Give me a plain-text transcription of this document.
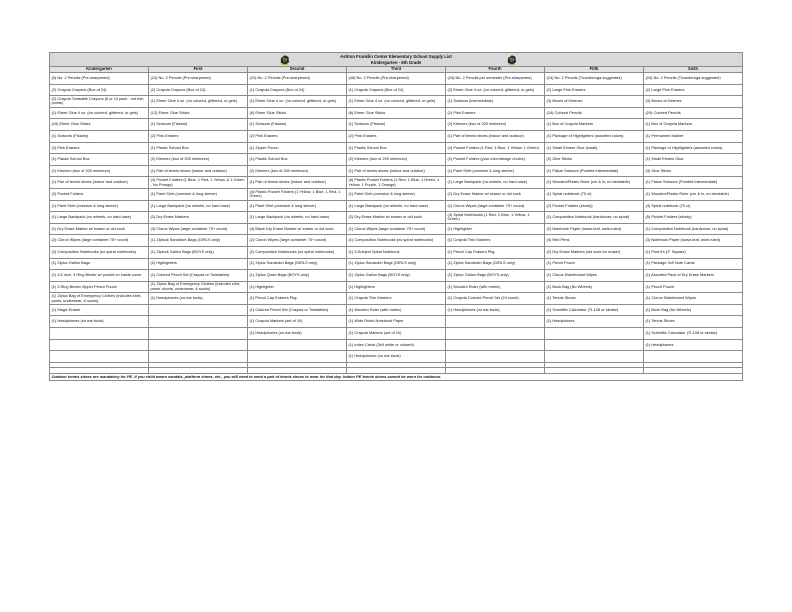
Ashton Franklin Center Elementary School Supply List
Kindergarten - 6th Grade						

Kindergarten	First	Second	Third	Fourth	Fifth	Sixth
(6) No. 2 Pencils (Pre-sharpened)	(24) No. 2 Pencils (Pre-sharpened)	(24) No. 2 Pencils (Pre-sharpened)	(48) No. 2 Pencils (Pre-sharpened)	(24) No. 2 Pencils per semester (Pre-sharpened)	(24) No. 2 Pencils (Ticonderoga suggested)	(24) No. 2 Pencils (Ticonderoga suggested)
(2) Crayola Crayons (Box of 24)	(2) Crayola Crayons (Box of 24)	(1) Crayola Crayons (Box of 24)	(1) Crayola Crayons (Box of 24)	(2) Elmer Glue 4 oz. (no colored, glittered, or gels)	(2) Large Pink Erasers	(2) Large Pink Erasers
(2) Crayola Twistable Crayons (8 or 10 pack - not thin points)	(1) Elmer Glue 4 oz. (no colored, glittered, or gels)	(1) Elmer Glue 4 oz. (no colored, glittered, or gels)	(1) Elmer Glue 4 oz. (no colored, glittered, or gels)	(1) Scissors (intermediate)	(3) Boxes of Kleenex	(3) Boxes of Kleenex
(1) Elmer Glue 4 oz. (no colored, glittered, or gels)	(12) Elmer Glue Sticks	(6) Elmer Glue Sticks	(6) Elmer Glue Sticks	(2) Pink Erasers	(24) Colored Pencils	(24) Colored Pencils
(16) Elmer Glue Sticks	(1) Scissors (Fiskars)	(1) Scissors (Fiskars)	(1) Scissors (Fiskars)	(2) Kleenex (box of 200 minimum)	(1) Box of Crayola Markers	(1) Box of Crayola Markers
(1) Scissors (Fiskars)	(2) Pink Erasers	(2) Pink Erasers	(2) Pink Erasers	(1) Pair of tennis shoes (indoor and outdoor)	(1) Package of Highlighters (assorted colors)	(1) Permanent Marker
(2) Pink Erasers	(1) Plastic School Box	(1) Zipper Pouch	(1) Plastic School Box	(4) Pocket Folders (1 Red, 1 Blue, 1 Yellow, 1 Green)	(1) Small Elmers Glue (small)	(1) Package of Highlighters (assorted colors)
(1) Plastic School Box	(2) Kleenex (box of 200 minimum)	(1) Plastic School Box	(2) Kleenex (box of 200 minimum)	(2) Pocket Folders (your color/design choice)	(2) Glue Sticks	(1) Small Elmers Glue
(1) Kleenex (box of 200 minimum)	(1) Pair of tennis shoes (indoor and outdoor)	(2) Kleenex (box of 200 minimum)	(1) Pair of tennis shoes (indoor and outdoor)	(1) Paint Shirt (oversize & long sleeve)	(1) Fiskar Scissors (Pointed Intermediate)	(3) Glue Sticks
(1) Pair of tennis shoes (indoor and outdoor)	(4) Pocket Folders (1 Blue, 1 Red, 1 Yellow, & 1 Green - No Prongs)	(1) Pair of tennis shoes (indoor and outdoor)	(6) Plastic Pocket Folders (1 Red, 1 Blue, 1 Green, 1 Yellow, 1 Purple, 1 Orange)	(1) Large Backpack (no wheels, no hard case)	(1) Wooden/Plastic Ruler (cm & in, no bendable)	(1) Fiskar Scissors (Pointed Intermediate)
(2) Pocket Folders	(1) Paint Shirt (oversize & long sleeve)	(4) Plastic Pocket Folders (1 Yellow, 1 Blue, 1 Red, 1 Green)	(1) Paint Shirt (oversize & long sleeve)	(2) Dry Erase Marker w/ eraser or old sock	(1) Spiral notebook (70 ct)	(1) Wooden/Plastic Ruler (cm & in, no bendable)
(1) Paint Shirt (oversize & long sleeve)	(1) Large Backpack (no wheels, no hard case)	(1) Paint Shirt (oversize & long sleeve)	(1) Large Backpack (no wheels, no hard case)	(1) Clorox Wipes (large container 75+ count)	(2) Pocket Folders (sturdy)	(4) Spiral notebook (70 ct)
(1) Large Backpack (no wheels, no hard case)	(2) Dry Erase Markers	(1) Large Backpack (no wheels, no hard case)	(2) Dry Erase Marker w/ eraser or old sock	(4) Spiral Notebooks (1 Red, 1 Blue, 1 Yellow, 1 Green)	(1) Composition Notebook (hardcover, no spiral)	(5) Pocket Folders (sturdy)
(1) Dry Erase Marker w/ eraser or old sock	(3) Clorox Wipes (large container 75+ count)	(4) Black Dry Erase Marker w/ eraser or old sock	(1) Clorox Wipes (large container 75+ count)	(1) Highlighter	(2) Notebook Paper (loose-leaf, wide-ruled)	(1) Composition Notebook (hardcover, no spiral)
(2) Clorox Wipes (large container 75+ count)	(1) Ziplock Sandwich Bags (GIRLS only)	(2) Clorox Wipes (large container 75+ count)	(1) Composition Notebooks (no spiral notebooks)	(1) Crayola Thin Markers	(4) Red Pens	(3) Notebook Paper (loose-leaf, wide-ruled)
(2) Composition Notebooks (no spiral notebooks)	(1) Ziplock Gallon Bags (BOYS only)	(2) Composition Notebooks (no spiral notebooks)	(1) 3-Subject Spiral Notebook	(1) Pencil Cap Erasers Pkg.	(2) Dry Erase Markers (old sock for eraser)	(1) Post it's (2" Square)
(1) Ziploc Gallon Bags	(2) Highlighters	(1) Ziploc Sandwich Bags (GIRLS only)	(1) Ziploc Sandwich Bags (GIRLS only)	(1) Ziploc Sandwich Bags (GIRLS only)	(1) Pencil Pouch	(1) Package 3x5 Note Cards
(1) 1/2 inch, 3 Ring Binder w/ pocket on inside cover	(1) Colored Pencil Set (Crayola or Twistables)	(1) Ziploc Quart Bags (BOYS only)	(1) Ziploc Gallon Bags (BOYS only)	(1) Ziploc Gallon Bags (BOYS only)	(1) Clorox Disinfectant Wipes	(1) Assorted Pack of Dry Erase Markers
(1) 3 Ring Binder Zipper Pencil Pouch	(1) Ziploc Bag of Emergency Clothes (includes shirt, pants, shorts, underwear, & socks)	(1) Highlighter	(1) Highlighters	(1) Wooden Ruler (with metric)	(1) Book Bag (No Wheels)	(1) Pencil Pouch
(1) Ziploc Bag of Emergency Clothes (includes shirt, pants, underwear, & socks)	(1) Headphones (no ear buds)	(1) Pencil Cap Erasers Pkg.	(1) Crayola Thin Markers	(1) Crayola Colored Pencil Set (24 count)	(1) Tennis Shoes	(1) Clorox Disinfectant Wipes
(1) Magic Eraser		(1) Colored Pencil Set (Crayola or Twistables)	(1) Wooden Ruler (with metric)	(1) Headphones (no ear buds)	(1) Scientific Calculator (TI-108 or similar)	(1) Book Bag (No Wheels)
(1) Headphones (no ear buds)		(1) Crayola Markers (set of 10)	(1) Wide Ruled Notebook Paper		(1) Headphones	(1) Tennis Shoes
		(1) Headphones (no ear buds)	(1) Crayola Markers (set of 10)			(1) Scientific Calculator (TI-108 or similar)
			(1) Index Cards (3x5 white or colored)			(1) Headphones
			(1) Headphones (no ear buds)			

Outdoor tennis shoes are mandatory for PE. If you child wears sandals, platform shoes, etc., you will need to send a pair of tennis shoes to wear for that day. Indoor PE tennis shoes cannot be worn for outdoors.						
